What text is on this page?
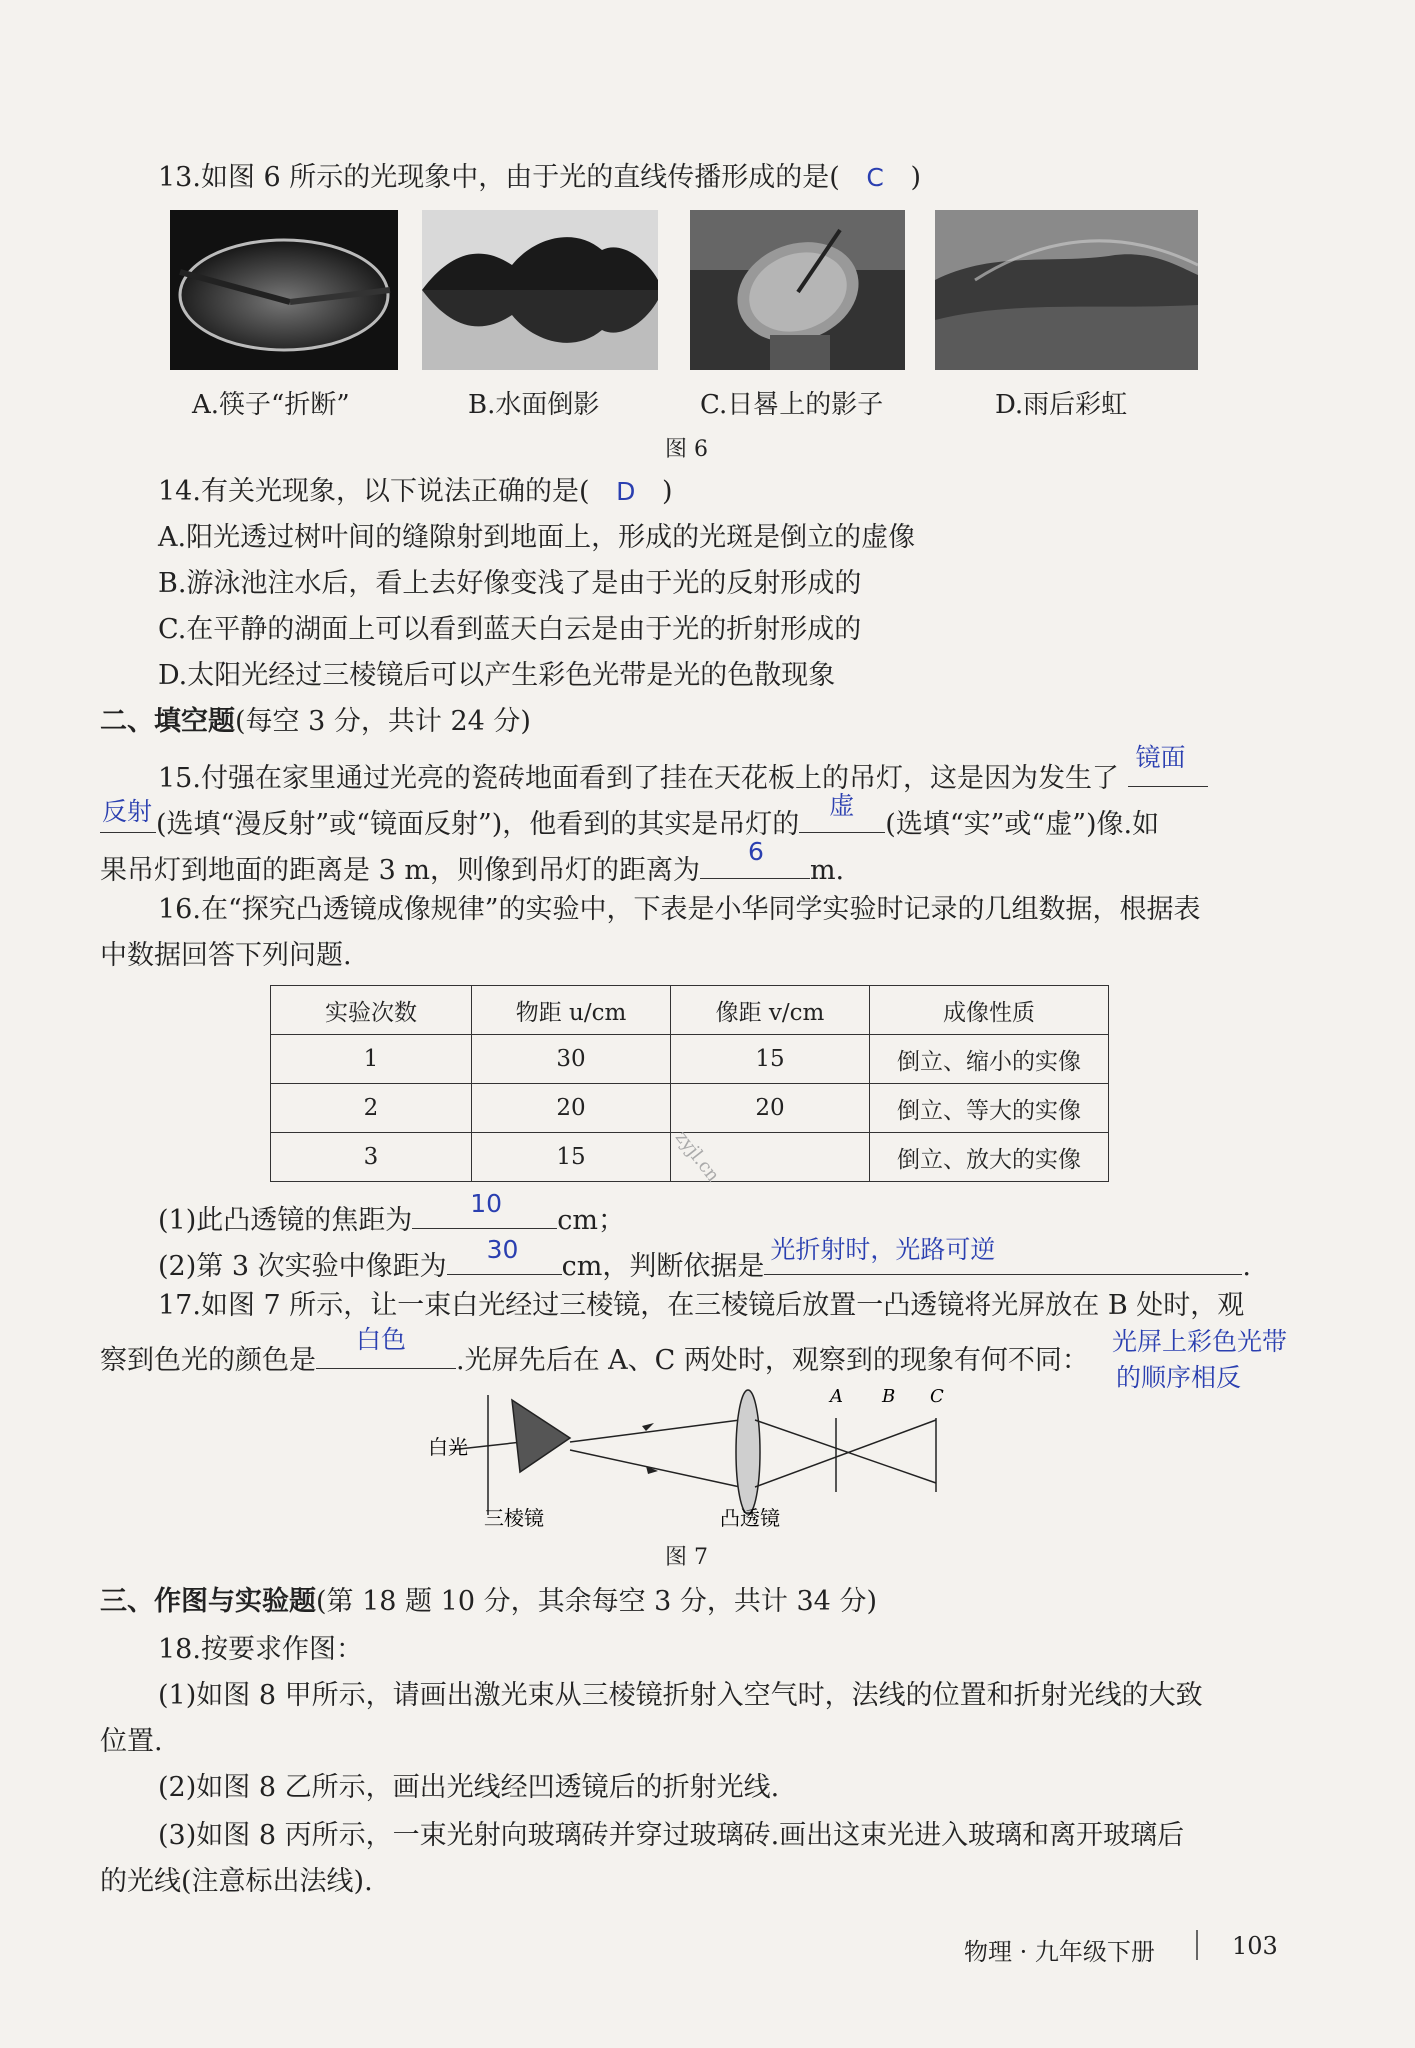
13.如图 6 所示的光现象中，由于光的直线传播形成的是( C )
A.筷子“折断”	B.水面倒影	C.日晷上的影子	D.雨后彩虹
图 6
14.有关光现象，以下说法正确的是( D )
A.阳光透过树叶间的缝隙射到地面上，形成的光斑是倒立的虚像
B.游泳池注水后，看上去好像变浅了是由于光的反射形成的
C.在平静的湖面上可以看到蓝天白云是由于光的折射形成的
D.太阳光经过三棱镜后可以产生彩色光带是光的色散现象
二、填空题(每空 3 分，共计 24 分)
15.付强在家里通过光亮的瓷砖地面看到了挂在天花板上的吊灯，这是因为发生了
镜面
反射 (选填“漫反射”或“镜面反射”)，他看到的其实是吊灯的
虚
(选填“实”或“虚”)像.如
果吊灯到地面的距离是 3 m，则像到吊灯的距离为
6
m.
16.在“探究凸透镜成像规律”的实验中，下表是小华同学实验时记录的几组数据，根据表
中数据回答下列问题.
实验次数	物距 u/cm	像距 v/cm	成像性质
1	30	15	倒立、缩小的实像
2	20	20	倒立、等大的实像
3	15		倒立、放大的实像
zyjl.cn
(1)此凸透镜的焦距为
10
cm；
(2)第 3 次实验中像距为
30
cm，判断依据是
光折射时，光路可逆
.
17.如图 7 所示，让一束白光经过三棱镜，在三棱镜后放置一凸透镜将光屏放在 B 处时，观
察到色光的颜色是
白色
.光屏先后在 A、C 两处时，观察到的现象有何不同：
光屏上彩色光带
的顺序相反
白光
三棱镜	凸透镜
A B C
图 7
三、作图与实验题(第 18 题 10 分，其余每空 3 分，共计 34 分)
18.按要求作图：
(1)如图 8 甲所示，请画出激光束从三棱镜折射入空气时，法线的位置和折射光线的大致
位置.
(2)如图 8 乙所示，画出光线经凹透镜后的折射光线.
(3)如图 8 丙所示，一束光射向玻璃砖并穿过玻璃砖.画出这束光进入玻璃和离开玻璃后
的光线(注意标出法线).
物理 · 九年级下册	103
